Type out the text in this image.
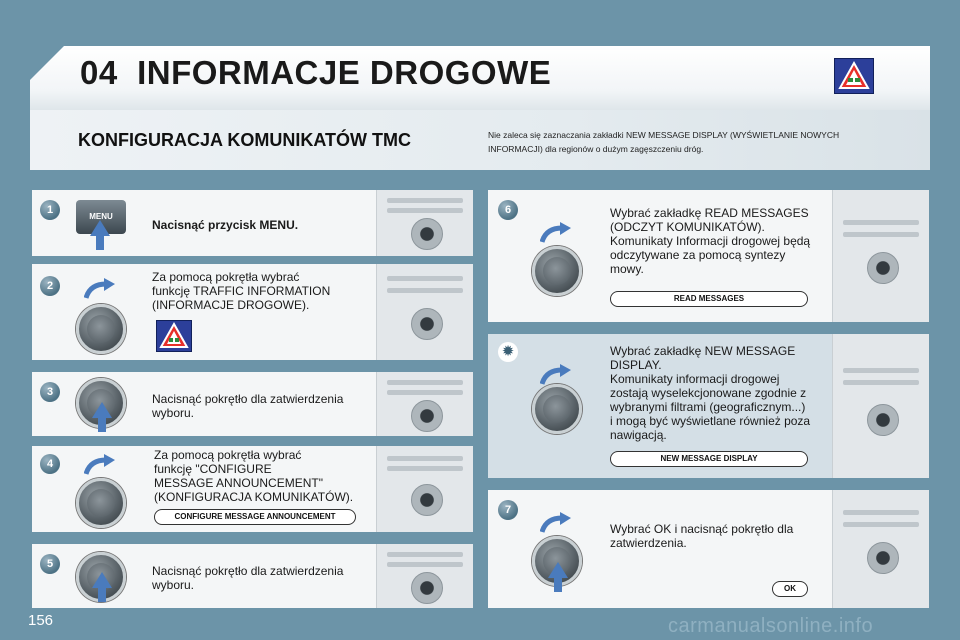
04 INFORMACJE DROGOWE
KONFIGURACJA KOMUNIKATÓW TMC	Nie zaleca się zaznaczania zakładki NEW MESSAGE DISPLAY (WYŚWIETLANIE NOWYCH
INFORMACJI) dla regionów o dużym zagęszczeniu dróg.
1
MENU
Nacisnąć przycisk MENU.
2
Za pomocą pokrętła wybrać
funkcję TRAFFIC INFORMATION
(INFORMACJE DROGOWE).
3	Nacisnąć pokrętło dla zatwierdzenia
wyboru.
4
Za pomocą pokrętła wybrać
funkcję "CONFIGURE
MESSAGE ANNOUNCEMENT"
(KONFIGURACJA KOMUNIKATÓW).
CONFIGURE MESSAGE ANNOUNCEMENT
5	Nacisnąć pokrętło dla zatwierdzenia
wyboru.
6	Wybrać zakładkę READ MESSAGES
(ODCZYT KOMUNIKATÓW).
Komunikaty Informacji drogowej będą
odczytywane za pomocą syntezy
mowy.
READ MESSAGES
✹	Wybrać zakładkę NEW MESSAGE
DISPLAY.
Komunikaty informacji drogowej
zostają wyselekcjonowane zgodnie z
wybranymi filtrami (geograficznym...)
i mogą być wyświetlane również poza
nawigacją.
NEW MESSAGE DISPLAY
7
Wybrać OK i nacisnąć pokrętło dla
zatwierdzenia.
OK
156	carmanualsonline.info
